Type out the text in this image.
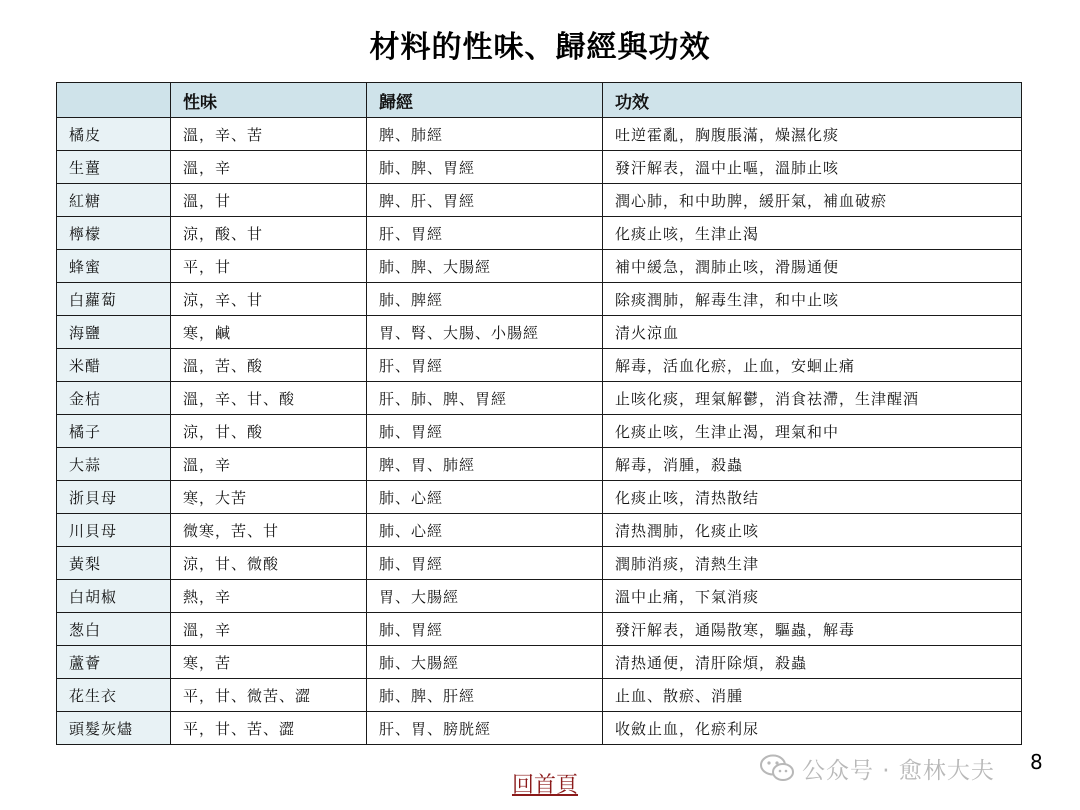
材料的性味、歸經與功效
	性味	歸經	功效
橘皮	溫，辛、苦	脾、肺經	吐逆霍亂，胸腹脹滿，燥濕化痰
生薑	溫，辛	肺、脾、胃經	發汗解表，溫中止嘔，溫肺止咳
紅糖	溫，甘	脾、肝、胃經	潤心肺，和中助脾，緩肝氣，補血破瘀
檸檬	涼，酸、甘	肝、胃經	化痰止咳，生津止渴
蜂蜜	平，甘	肺、脾、大腸經	補中緩急，潤肺止咳，滑腸通便
白蘿蔔	涼，辛、甘	肺、脾經	除痰潤肺，解毒生津，和中止咳
海鹽	寒，鹹	胃、腎、大腸、小腸經	清火涼血
米醋	溫，苦、酸	肝、胃經	解毒，活血化瘀，止血，安蛔止痛
金桔	溫，辛、甘、酸	肝、肺、脾、胃經	止咳化痰，理氣解鬱，消食祛滯，生津醒酒
橘子	涼，甘、酸	肺、胃經	化痰止咳，生津止渴，理氣和中
大蒜	溫，辛	脾、胃、肺經	解毒，消腫，殺蟲
浙貝母	寒，大苦	肺、心經	化痰止咳，清热散结
川貝母	微寒，苦、甘	肺、心經	清热潤肺，化痰止咳
黃梨	涼，甘、微酸	肺、胃經	潤肺消痰，清熱生津
白胡椒	熱，辛	胃、大腸經	溫中止痛，下氣消痰
葱白	溫，辛	肺、胃經	發汗解表，通陽散寒，驅蟲，解毒
蘆薈	寒，苦	肺、大腸經	清热通便，清肝除煩，殺蟲
花生衣	平，甘、微苦、澀	肺、脾、肝經	止血、散瘀、消腫
頭髮灰燼	平，甘、苦、澀	肝、胃、膀胱經	收斂止血，化瘀利尿
回首頁
公众号 · 愈林大夫 8
